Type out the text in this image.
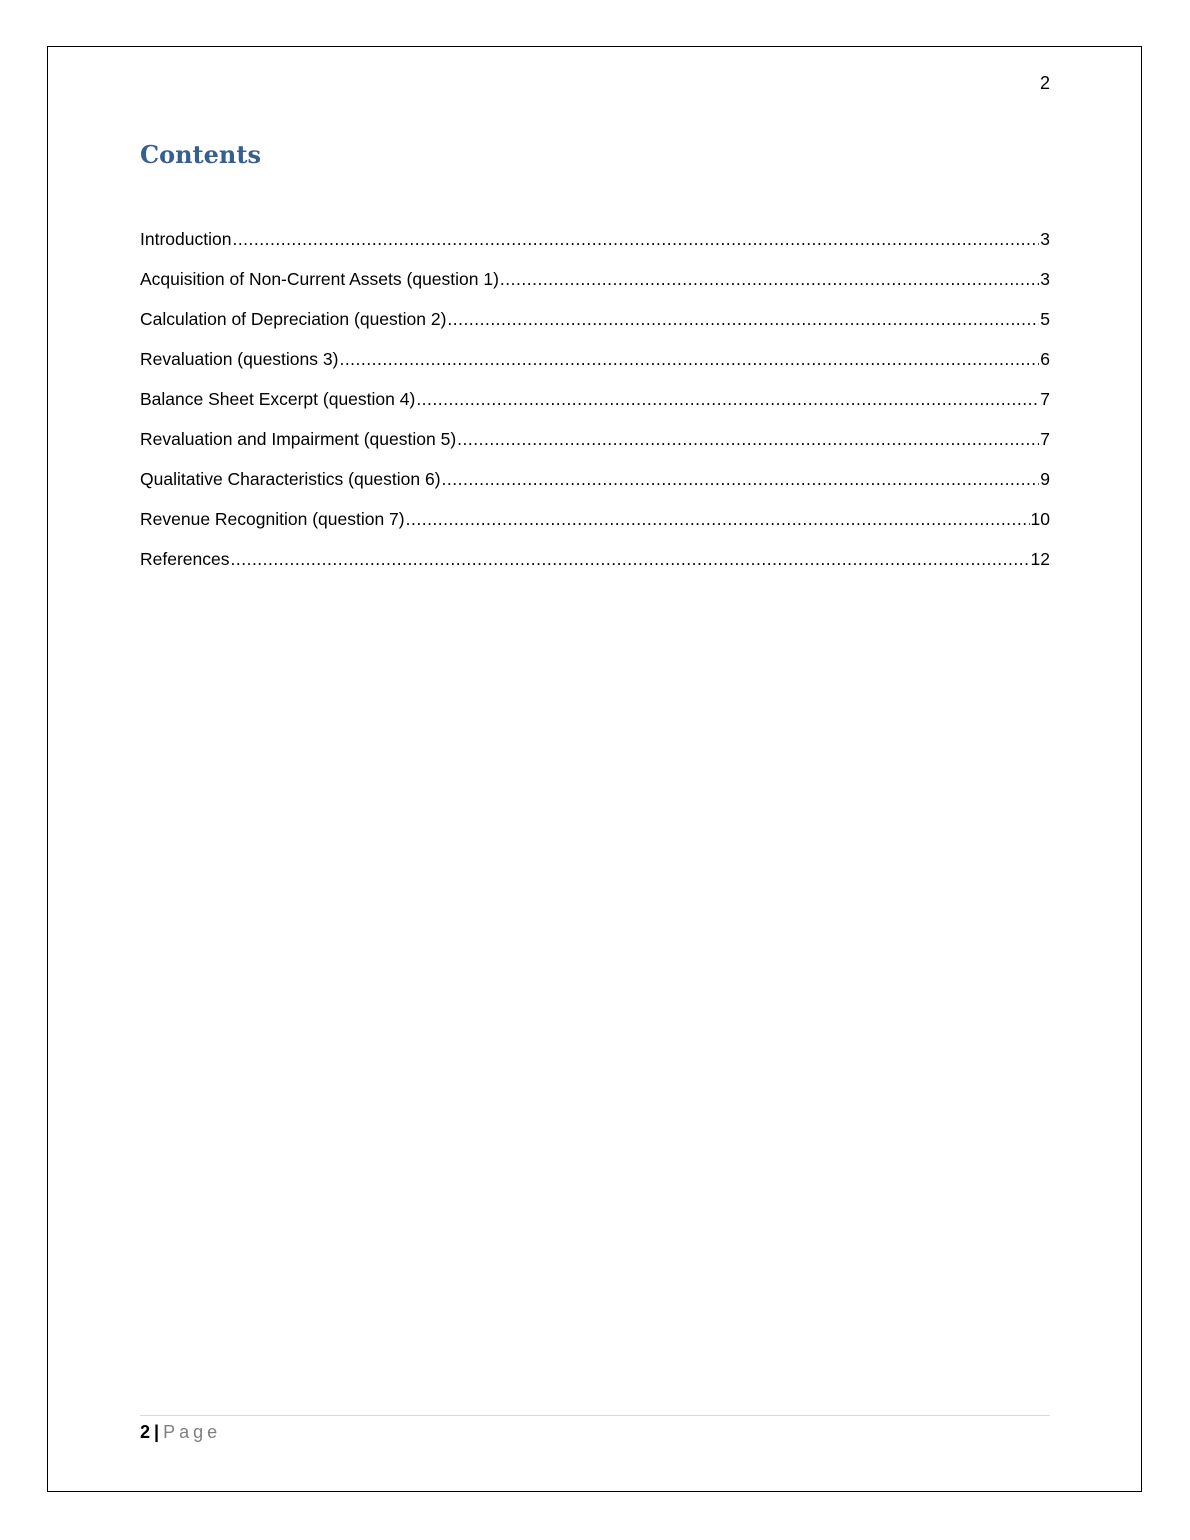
2
Contents
Introduction .....	3
Acquisition of Non-Current Assets (question 1) .....	3
Calculation of Depreciation (question 2) .....	5
Revaluation (questions 3) .....	6
Balance Sheet Excerpt (question 4) .....	7
Revaluation and Impairment (question 5) .....	7
Qualitative Characteristics (question 6) .....	9
Revenue Recognition (question 7) .....	10
References .....	12
2 | Page
